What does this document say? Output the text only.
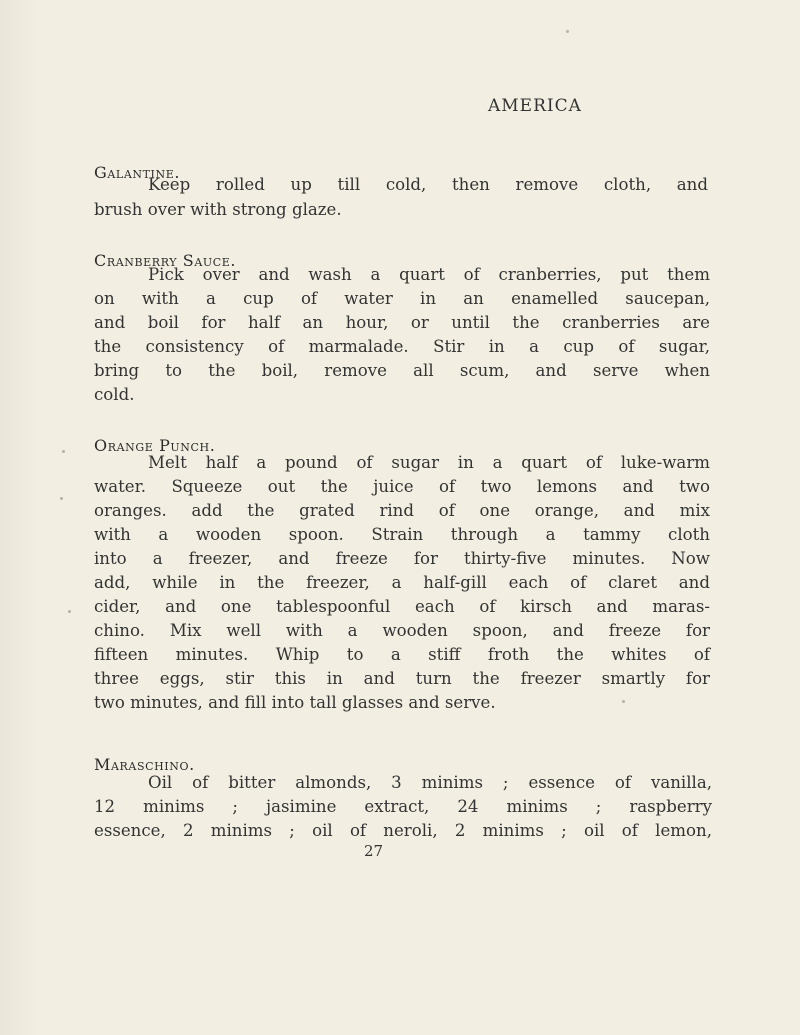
AMERICA
Galantine.
Keep rolled up till cold, then remove cloth, and
brush over with strong glaze.
Cranberry Sauce.
Pick over and wash a quart of cranberries, put them
on with a cup of water in an enamelled saucepan,
and boil for half an hour, or until the cranberries are
the consistency of marmalade. Stir in a cup of sugar,
bring to the boil, remove all scum, and serve when
cold.
Orange Punch.
Melt half a pound of sugar in a quart of luke-warm
water. Squeeze out the juice of two lemons and two
oranges. add the grated rind of one orange, and mix
with a wooden spoon. Strain through a tammy cloth
into a freezer, and freeze for thirty-five minutes. Now
add, while in the freezer, a half-gill each of claret and
cider, and one tablespoonful each of kirsch and maras-
chino. Mix well with a wooden spoon, and freeze for
fifteen minutes. Whip to a stiff froth the whites of
three eggs, stir this in and turn the freezer smartly for
two minutes, and fill into tall glasses and serve.
Maraschino.
Oil of bitter almonds, 3 minims ; essence of vanilla,
12 minims ; jasimine extract, 24 minims ; raspberry
essence, 2 minims ; oil of neroli, 2 minims ; oil of lemon,
27
